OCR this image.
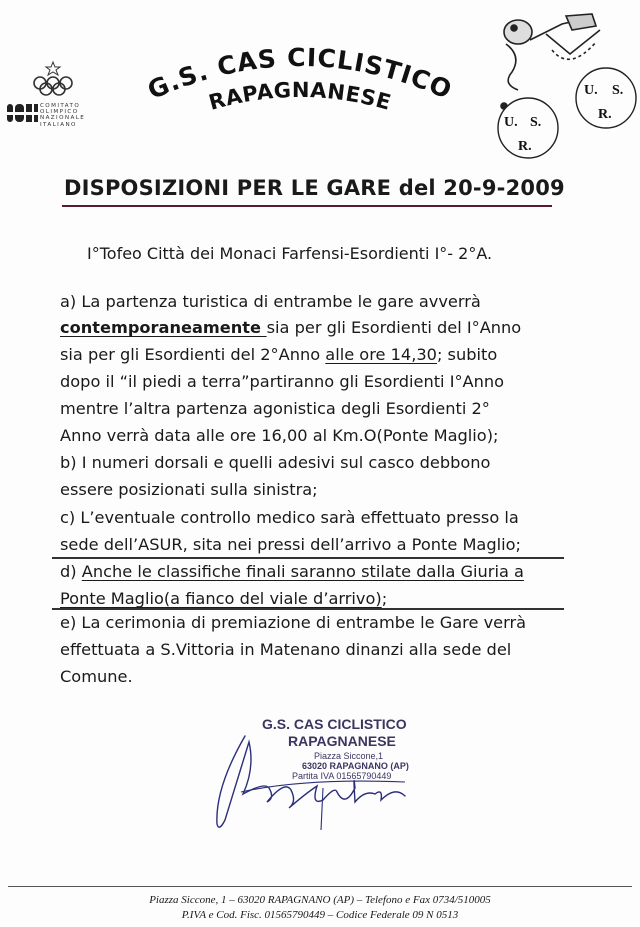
COMITATO
OLIMPICO
NAZIONALE
ITALIANO
G.S. CAS CICLISTICO
RAPAGNANESE	U. S.
R.
U. S.
R.
DISPOSIZIONI PER LE GARE del 20-9-2009
I°Tofeo Città dei Monaci Farfensi-Esordienti I°- 2°A.
a) La partenza turistica di entrambe le gare avverrà
contemporaneamente sia per gli Esordienti del I°Anno
sia per gli Esordienti del 2°Anno alle ore 14,30; subito
dopo il “il piedi a terra”partiranno gli Esordienti I°Anno
mentre l’altra partenza agonistica degli Esordienti 2°
Anno verrà data alle ore 16,00 al Km.O(Ponte Maglio);
b) I numeri dorsali e quelli adesivi sul casco debbono
essere posizionati sulla sinistra;
c) L’eventuale controllo medico sarà effettuato presso la
sede dell’ASUR, sita nei pressi dell’arrivo a Ponte Maglio;
d) Anche le classifiche finali saranno stilate dalla Giuria a
Ponte Maglio(a fianco del viale d’arrivo);
e) La cerimonia di premiazione di entrambe le Gare verrà
effettuata a S.Vittoria in Matenano dinanzi alla sede del
Comune.
G.S. CAS CICLISTICO
RAPAGNANESE
Piazza Siccone,1
63020 RAPAGNANO (AP)
Partita IVA 01565790449
Piazza Siccone, 1 – 63020 RAPAGNANO (AP) – Telefono e Fax 0734/510005
P.IVA e Cod. Fisc. 01565790449 – Codice Federale 09 N 0513
